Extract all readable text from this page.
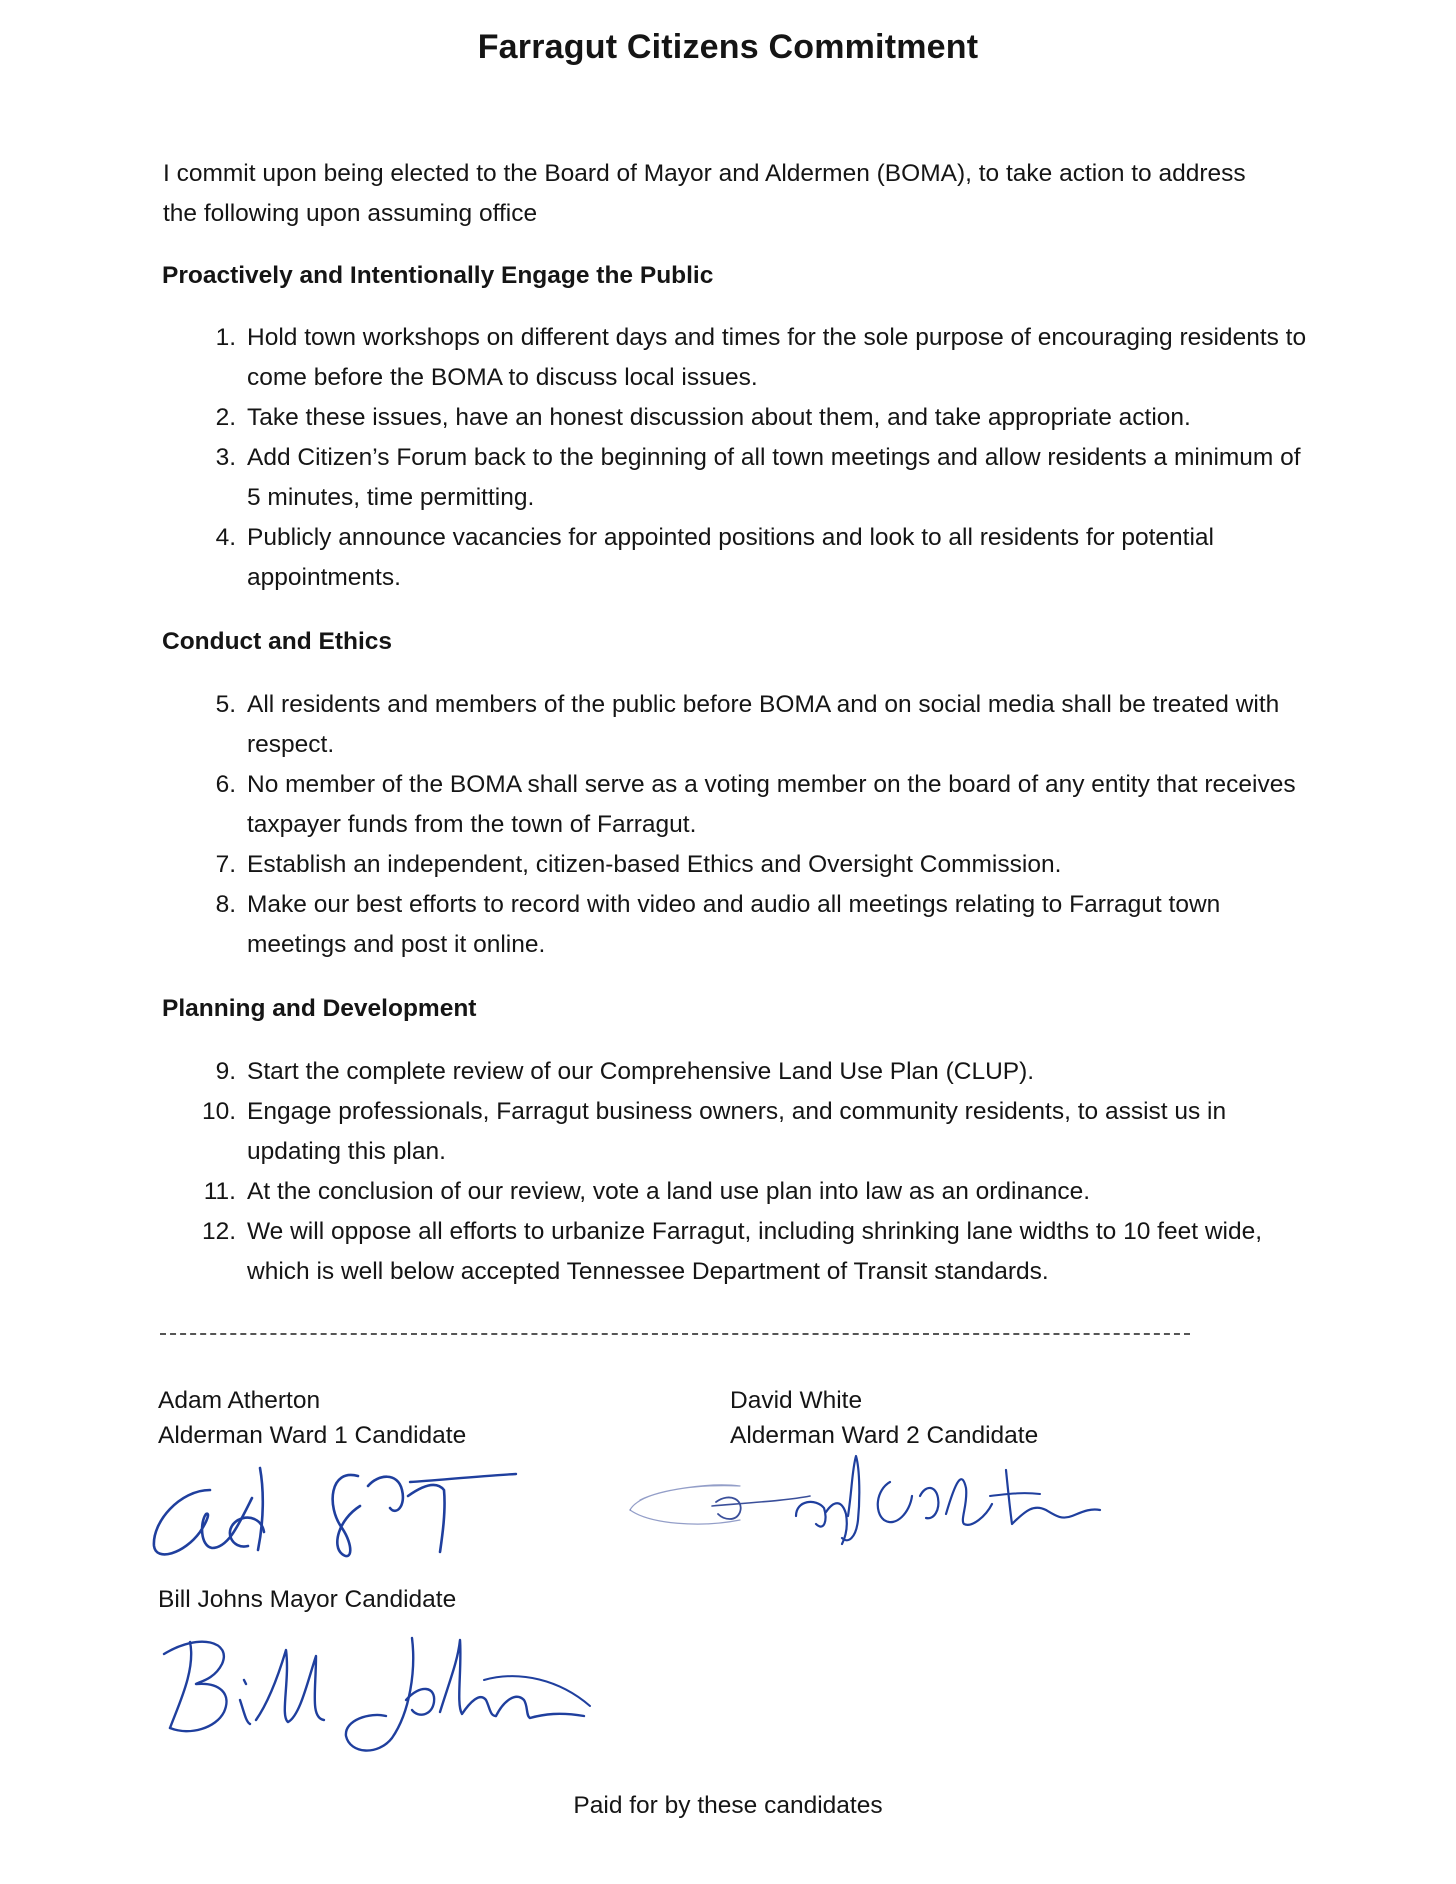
Farragut Citizens Commitment
I commit upon being elected to the Board of Mayor and Aldermen (BOMA), to take action to address the following upon assuming office
Proactively and Intentionally Engage the Public
1. Hold town workshops on different days and times for the sole purpose of encouraging residents to come before the BOMA to discuss local issues.
2. Take these issues, have an honest discussion about them, and take appropriate action.
3. Add Citizen’s Forum back to the beginning of all town meetings and allow residents a minimum of 5 minutes, time permitting.
4. Publicly announce vacancies for appointed positions and look to all residents for potential appointments.
Conduct and Ethics
5. All residents and members of the public before BOMA and on social media shall be treated with respect.
6. No member of the BOMA shall serve as a voting member on the board of any entity that receives taxpayer funds from the town of Farragut.
7. Establish an independent, citizen-based Ethics and Oversight Commission.
8. Make our best efforts to record with video and audio all meetings relating to Farragut town meetings and post it online.
Planning and Development
9. Start the complete review of our Comprehensive Land Use Plan (CLUP).
10. Engage professionals, Farragut business owners, and community residents, to assist us in updating this plan.
11. At the conclusion of our review, vote a land use plan into law as an ordinance.
12. We will oppose all efforts to urbanize Farragut, including shrinking lane widths to 10 feet wide, which is well below accepted Tennessee Department of Transit standards.
Adam Atherton
Alderman Ward 1 Candidate
David White
Alderman Ward 2 Candidate
Bill Johns Mayor Candidate
Paid for by these candidates
